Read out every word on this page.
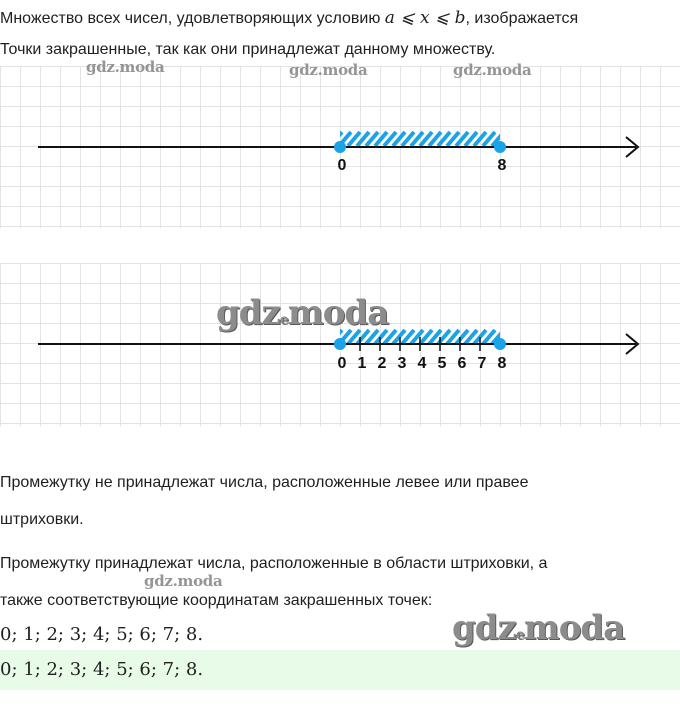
Множество всех чисел, удовлетворяющих условию a ⩽ x ⩽ b, изображается
Точки закрашенные, так как они принадлежат данному множеству.
0	8
gdz.moda	gdz.moda	gdz.moda
0 1 2 3 4 5 6 7 8
gdzemoda
Промежутку не принадлежат числа, расположенные левее или правее
штриховки.
Промежутку принадлежат числа, расположенные в области штриховки, а
gdz.moda
также соответствующие координатам закрашенных точек:
0; 1; 2; 3; 4; 5; 6; 7; 8.	gdzemoda
0; 1; 2; 3; 4; 5; 6; 7; 8.
